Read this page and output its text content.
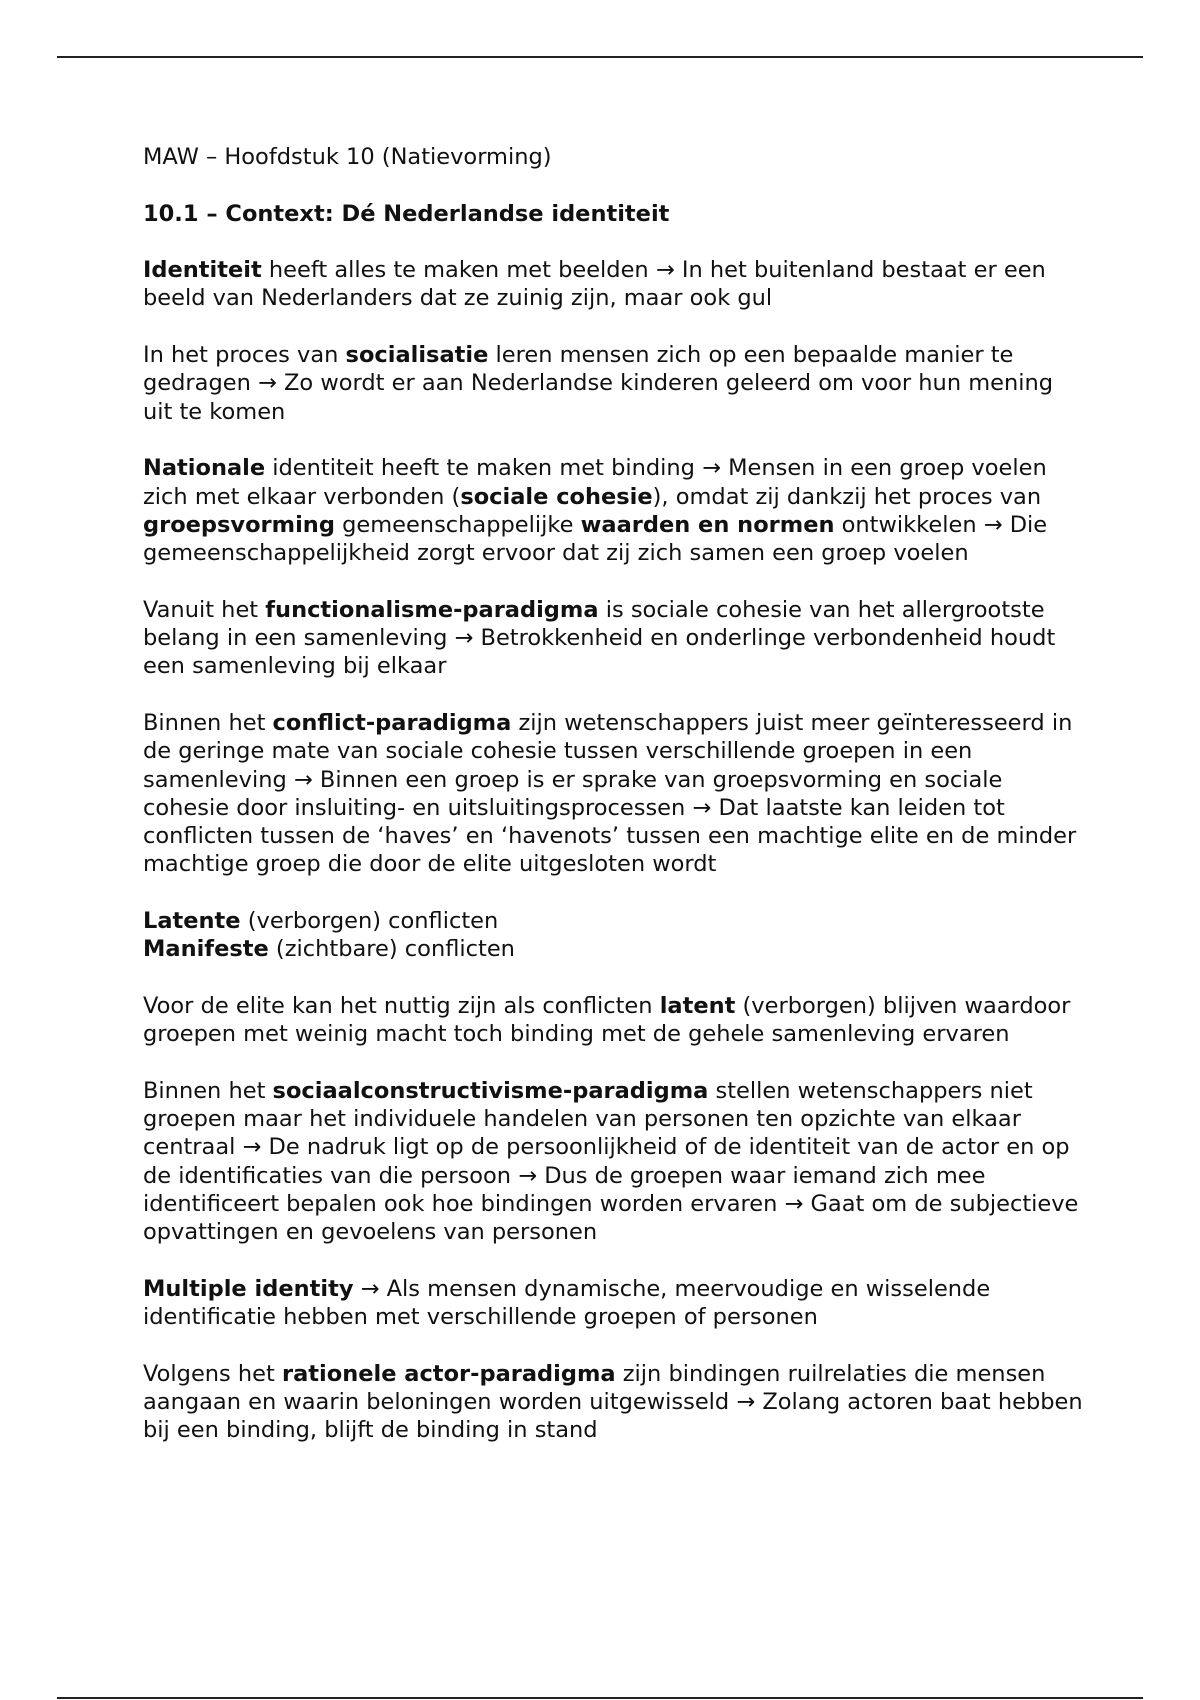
MAW – Hoofdstuk 10 (Natievorming)

10.1 – Context: Dé Nederlandse identiteit

Identiteit heeft alles te maken met beelden → In het buitenland bestaat er een beeld van Nederlanders dat ze zuinig zijn, maar ook gul

In het proces van socialisatie leren mensen zich op een bepaalde manier te gedragen → Zo wordt er aan Nederlandse kinderen geleerd om voor hun mening uit te komen

Nationale identiteit heeft te maken met binding → Mensen in een groep voelen zich met elkaar verbonden (sociale cohesie), omdat zij dankzij het proces van groepsvorming gemeenschappelijke waarden en normen ontwikkelen → Die gemeenschappelijkheid zorgt ervoor dat zij zich samen een groep voelen

Vanuit het functionalisme-paradigma is sociale cohesie van het allergrootste belang in een samenleving → Betrokkenheid en onderlinge verbondenheid houdt een samenleving bij elkaar

Binnen het conflict-paradigma zijn wetenschappers juist meer geïnteresseerd in de geringe mate van sociale cohesie tussen verschillende groepen in een samenleving → Binnen een groep is er sprake van groepsvorming en sociale cohesie door insluiting- en uitsluitingsprocessen → Dat laatste kan leiden tot conflicten tussen de ‘haves’ en ‘havenots’ tussen een machtige elite en de minder machtige groep die door de elite uitgesloten wordt

Latente (verborgen) conflicten
Manifeste (zichtbare) conflicten

Voor de elite kan het nuttig zijn als conflicten latent (verborgen) blijven waardoor groepen met weinig macht toch binding met de gehele samenleving ervaren

Binnen het sociaalconstructivisme-paradigma stellen wetenschappers niet groepen maar het individuele handelen van personen ten opzichte van elkaar centraal → De nadruk ligt op de persoonlijkheid of de identiteit van de actor en op de identificaties van die persoon → Dus de groepen waar iemand zich mee identificeert bepalen ook hoe bindingen worden ervaren → Gaat om de subjectieve opvattingen en gevoelens van personen

Multiple identity → Als mensen dynamische, meervoudige en wisselende identificatie hebben met verschillende groepen of personen

Volgens het rationele actor-paradigma zijn bindingen ruilrelaties die mensen aangaan en waarin beloningen worden uitgewisseld → Zolang actoren baat hebben bij een binding, blijft de binding in stand
